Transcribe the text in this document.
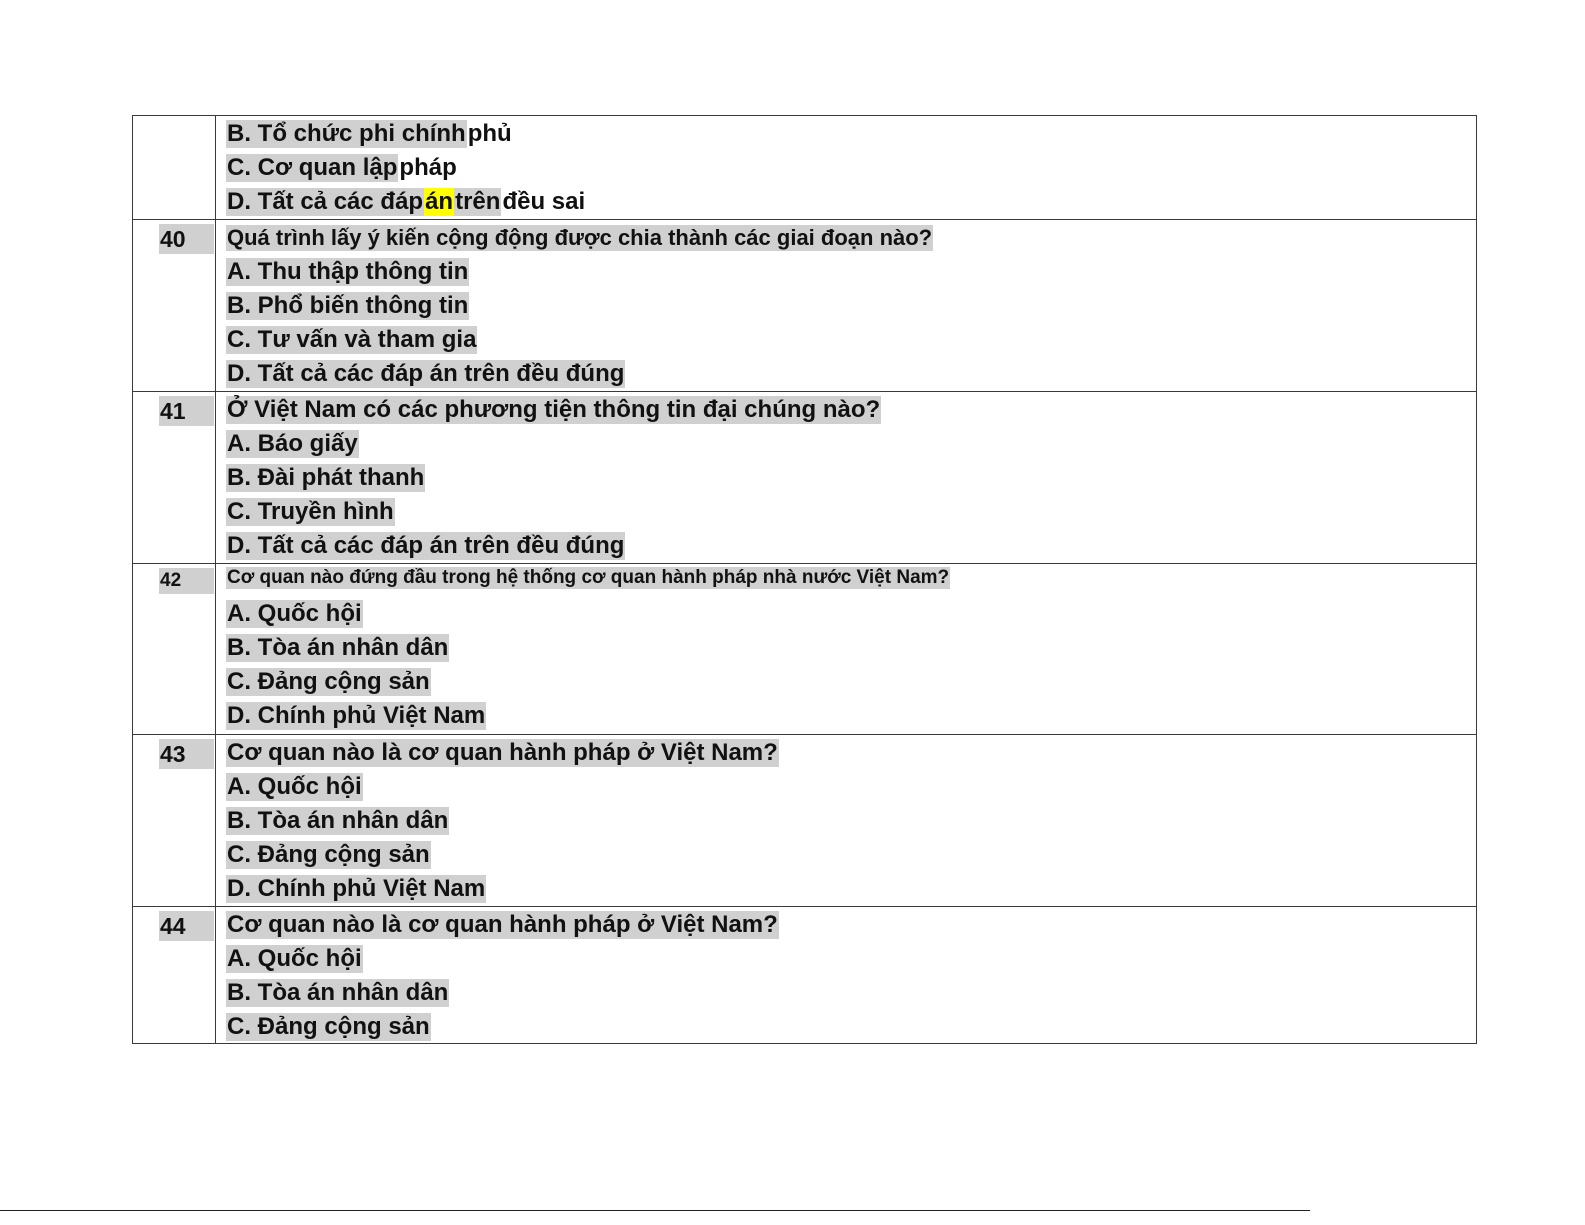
B. Tổ chức phi chính phủ
C. Cơ quan lập pháp
D. Tất cả các đáp án trên đều sai
40	Quá trình lấy ý kiến cộng động được chia thành các giai đoạn nào?
A. Thu thập thông tin
B. Phổ biến thông tin
C. Tư vấn và tham gia
D. Tất cả các đáp án trên đều đúng
41	Ở Việt Nam có các phương tiện thông tin đại chúng nào?
A. Báo giấy
B. Đài phát thanh
C. Truyền hình
D. Tất cả các đáp án trên đều đúng
42	Cơ quan nào đứng đầu trong hệ thống cơ quan hành pháp nhà nước Việt Nam?
A. Quốc hội
B. Tòa án nhân dân
C. Đảng cộng sản
D. Chính phủ Việt Nam
43	Cơ quan nào là cơ quan hành pháp ở Việt Nam?
A. Quốc hội
B. Tòa án nhân dân
C. Đảng cộng sản
D. Chính phủ Việt Nam
44	Cơ quan nào là cơ quan hành pháp ở Việt Nam?
A. Quốc hội
B. Tòa án nhân dân
C. Đảng cộng sản
